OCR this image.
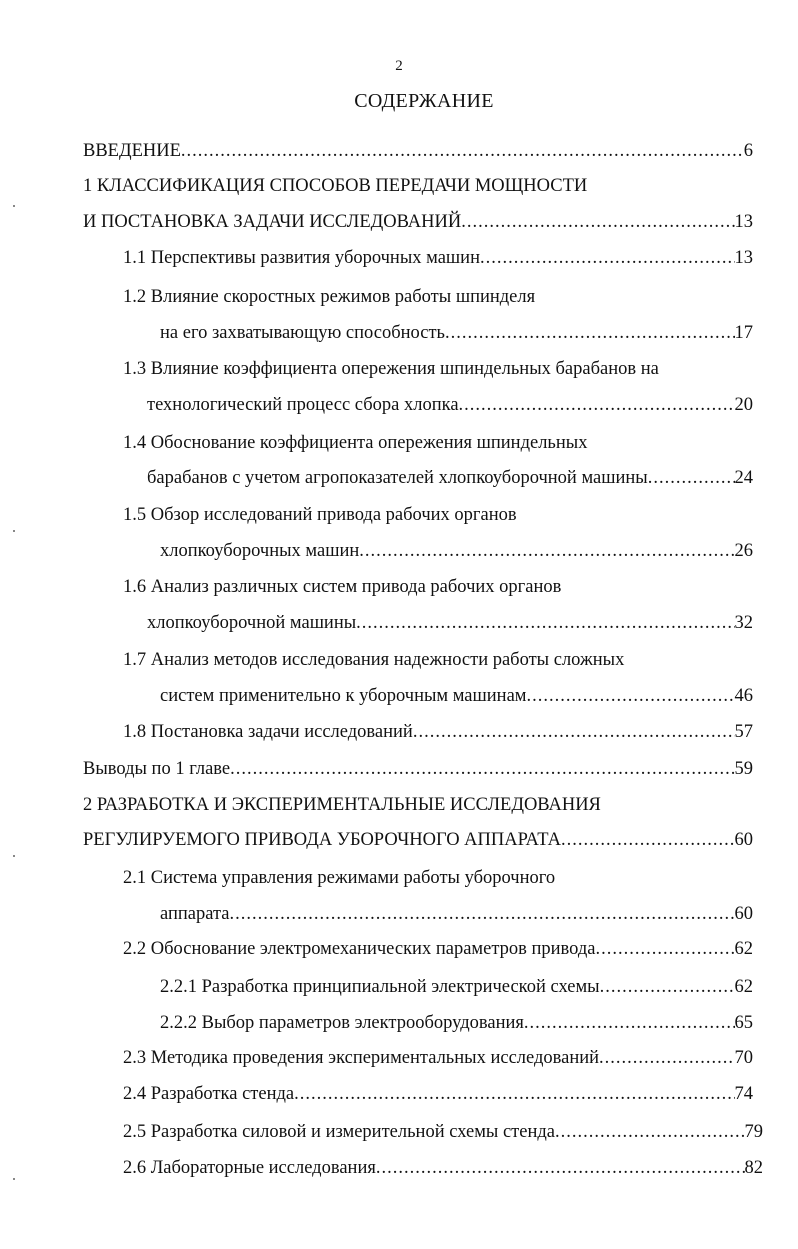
2
СОДЕРЖАНИЕ
ВВЕДЕНИЕ .....	6
1 КЛАССИФИКАЦИЯ СПОСОБОВ ПЕРЕДАЧИ МОЩНОСТИ
И ПОСТАНОВКА ЗАДАЧИ ИССЛЕДОВАНИЙ .....	13
1.1 Перспективы развития уборочных машин .....	13
1.2 Влияние скоростных режимов работы шпинделя
на его захватывающую способность .....	17
1.3 Влияние коэффициента опережения шпиндельных барабанов на
технологический процесс сбора хлопка .....	20
1.4 Обоснование коэффициента опережения шпиндельных
барабанов с учетом агропоказателей хлопкоуборочной машины .....	24
1.5 Обзор исследований привода рабочих органов
хлопкоуборочных машин .....	26
1.6 Анализ различных систем привода рабочих органов
хлопкоуборочной машины .....	32
1.7 Анализ методов исследования надежности работы сложных
систем применительно к уборочным машинам .....	46
1.8 Постановка задачи исследований .....	57
Выводы по 1 главе .....	59
2 РАЗРАБОТКА И ЭКСПЕРИМЕНТАЛЬНЫЕ ИССЛЕДОВАНИЯ
РЕГУЛИРУЕМОГО ПРИВОДА УБОРОЧНОГО АППАРАТА .....	60
2.1 Система управления режимами работы уборочного
аппарата .....	60
2.2 Обоснование электромеханических параметров привода .....	62
2.2.1 Разработка принципиальной электрической схемы .....	62
2.2.2 Выбор параметров электрооборудования .....	65
2.3 Методика проведения экспериментальных исследований .....	70
2.4 Разработка стенда .....	74
2.5 Разработка силовой и измерительной схемы стенда .....	79
2.6 Лабораторные исследования .....	82
